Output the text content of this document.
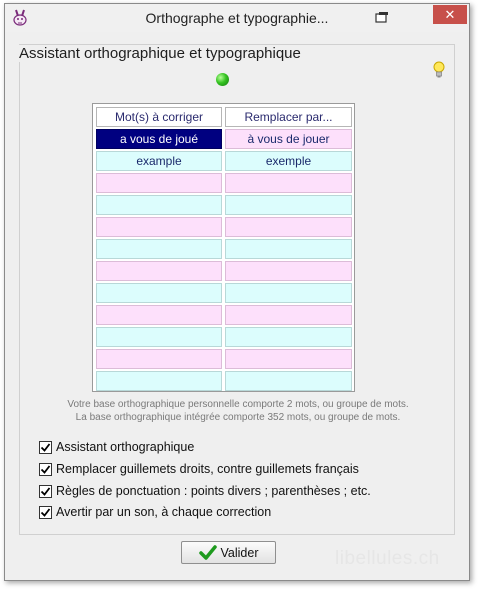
Orthographe et typographie...	✕
Assistant orthographique et typographique
Mot(s) à corriger	Remplacer par...
a vous de joué	à vous de jouer
example	exemple
Votre base orthographique personnelle comporte 2 mots, ou groupe de mots.
La base orthographique intégrée comporte 352 mots, ou groupe de mots.
Assistant orthographique
Remplacer guillemets droits, contre guillemets français
Règles de ponctuation : points divers ; parenthèses ; etc.
Avertir par un son, à chaque correction
Valider	libellules.ch
